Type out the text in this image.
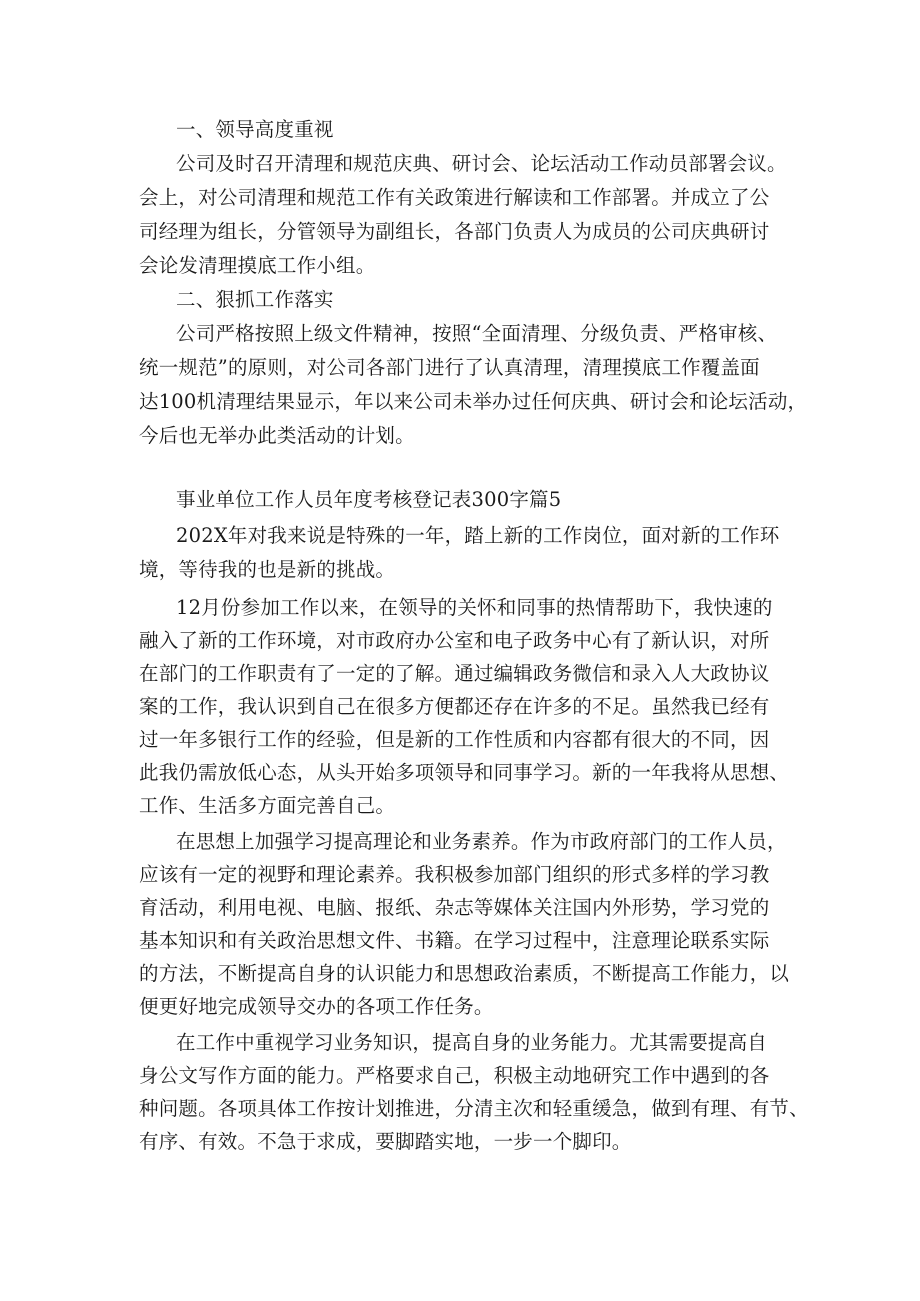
一、领导高度重视
公司及时召开清理和规范庆典、研讨会、论坛活动工作动员部署会议。
会上，对公司清理和规范工作有关政策进行解读和工作部署。并成立了公
司经理为组长，分管领导为副组长，各部门负责人为成员的公司庆典研讨
会论发清理摸底工作小组。
二、狠抓工作落实
公司严格按照上级文件精神，按照“全面清理、分级负责、严格审核、
统一规范”的原则，对公司各部门进行了认真清理，清理摸底工作覆盖面
达100机清理结果显示，年以来公司未举办过任何庆典、研讨会和论坛活动，
今后也无举办此类活动的计划。
事业单位工作人员年度考核登记表300字篇5
202X年对我来说是特殊的一年，踏上新的工作岗位，面对新的工作环
境，等待我的也是新的挑战。
12月份参加工作以来，在领导的关怀和同事的热情帮助下，我快速的
融入了新的工作环境，对市政府办公室和电子政务中心有了新认识，对所
在部门的工作职责有了一定的了解。通过编辑政务微信和录入人大政协议
案的工作，我认识到自己在很多方便都还存在许多的不足。虽然我已经有
过一年多银行工作的经验，但是新的工作性质和内容都有很大的不同，因
此我仍需放低心态，从头开始多项领导和同事学习。新的一年我将从思想、
工作、生活多方面完善自己。
在思想上加强学习提高理论和业务素养。作为市政府部门的工作人员，
应该有一定的视野和理论素养。我积极参加部门组织的形式多样的学习教
育活动，利用电视、电脑、报纸、杂志等媒体关注国内外形势，学习党的
基本知识和有关政治思想文件、书籍。在学习过程中，注意理论联系实际
的方法，不断提高自身的认识能力和思想政治素质，不断提高工作能力，以
便更好地完成领导交办的各项工作任务。
在工作中重视学习业务知识，提高自身的业务能力。尤其需要提高自
身公文写作方面的能力。严格要求自己，积极主动地研究工作中遇到的各
种问题。各项具体工作按计划推进，分清主次和轻重缓急，做到有理、有节、
有序、有效。不急于求成，要脚踏实地，一步一个脚印。
